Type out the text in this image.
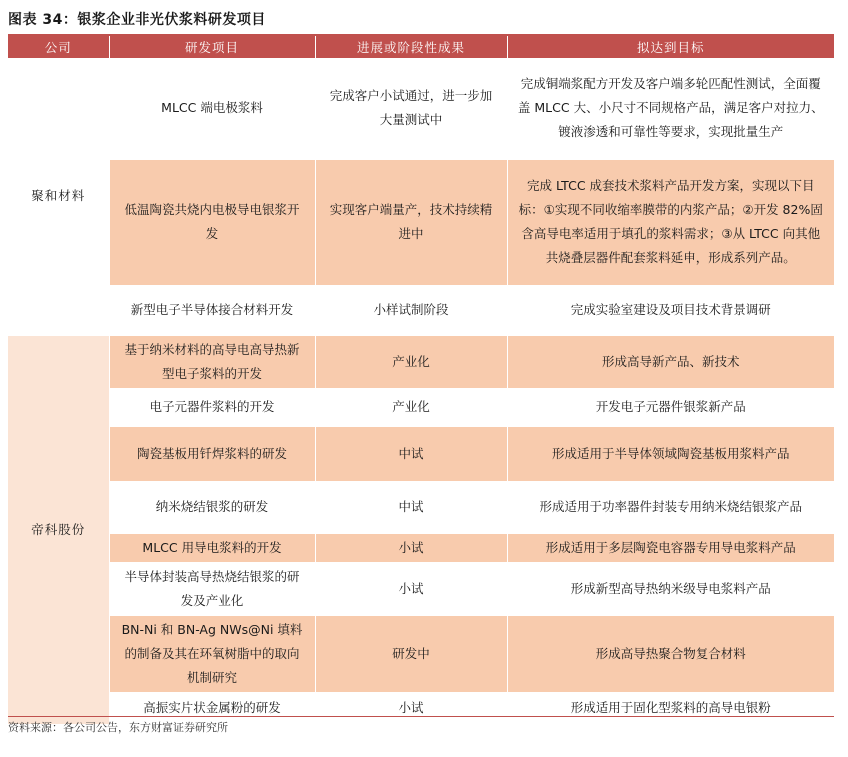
图表 34：银浆企业非光伏浆料研发项目
公司	研发项目	进展或阶段性成果	拟达到目标
聚和材料	MLCC 端电极浆料	完成客户小试通过，进一步加大量测试中	完成铜端浆配方开发及客户端多轮匹配性测试，全面覆盖 MLCC 大、小尺寸不同规格产品，满足客户对拉力、镀液渗透和可靠性等要求，实现批量生产
	低温陶瓷共烧内电极导电银浆开发	实现客户端量产，技术持续精进中	完成 LTCC 成套技术浆料产品开发方案，实现以下目标：①实现不同收缩率膜带的内浆产品；②开发 82%固含高导电率适用于填孔的浆料需求；③从 LTCC 向其他共烧叠层器件配套浆料延申，形成系列产品。
	新型电子半导体接合材料开发	小样试制阶段	完成实验室建设及项目技术背景调研
帝科股份	基于纳米材料的高导电高导热新型电子浆料的开发	产业化	形成高导新产品、新技术
	电子元器件浆料的开发	产业化	开发电子元器件银浆新产品
	陶瓷基板用钎焊浆料的研发	中试	形成适用于半导体领域陶瓷基板用浆料产品
	纳米烧结银浆的研发	中试	形成适用于功率器件封装专用纳米烧结银浆产品
	MLCC 用导电浆料的开发	小试	形成适用于多层陶瓷电容器专用导电浆料产品
	半导体封装高导热烧结银浆的研发及产业化	小试	形成新型高导热纳米级导电浆料产品
	BN-Ni 和 BN-Ag NWs@Ni 填料的制备及其在环氧树脂中的取向机制研究	研发中	形成高导热聚合物复合材料
	高振实片状金属粉的研发	小试	形成适用于固化型浆料的高导电银粉
资料来源：各公司公告，东方财富证券研究所
